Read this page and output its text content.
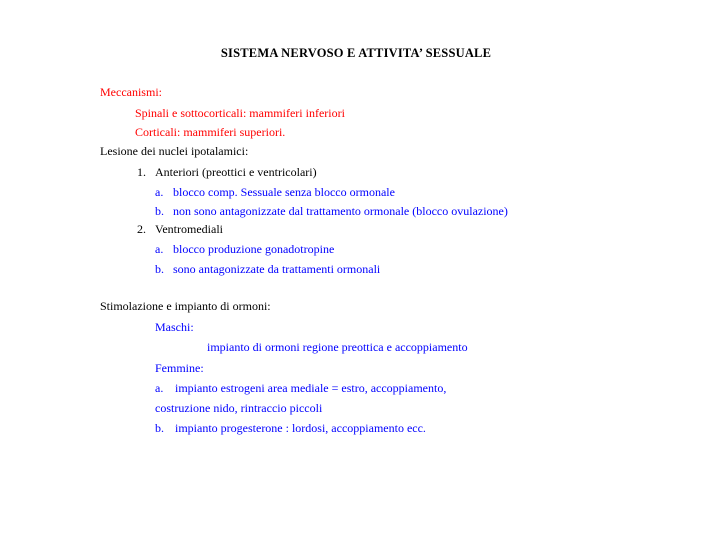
SISTEMA NERVOSO E ATTIVITA’ SESSUALE
Meccanismi:
Spinali e sottocorticali: mammiferi inferiori
Corticali: mammiferi superiori.
Lesione dei nuclei ipotalamici:
1. Anteriori (preottici e ventricolari)
a. blocco comp. Sessuale senza blocco ormonale
b. non sono antagonizzate dal trattamento ormonale (blocco ovulazione)
2. Ventromediali
a. blocco produzione gonadotropine
b. sono antagonizzate da trattamenti ormonali
Stimolazione e impianto di ormoni:
Maschi:
impianto di ormoni regione preottica e accoppiamento
Femmine:
a. impianto estrogeni area mediale = estro, accoppiamento,
costruzione nido, rintraccio piccoli
b. impianto progesterone : lordosi, accoppiamento ecc.
